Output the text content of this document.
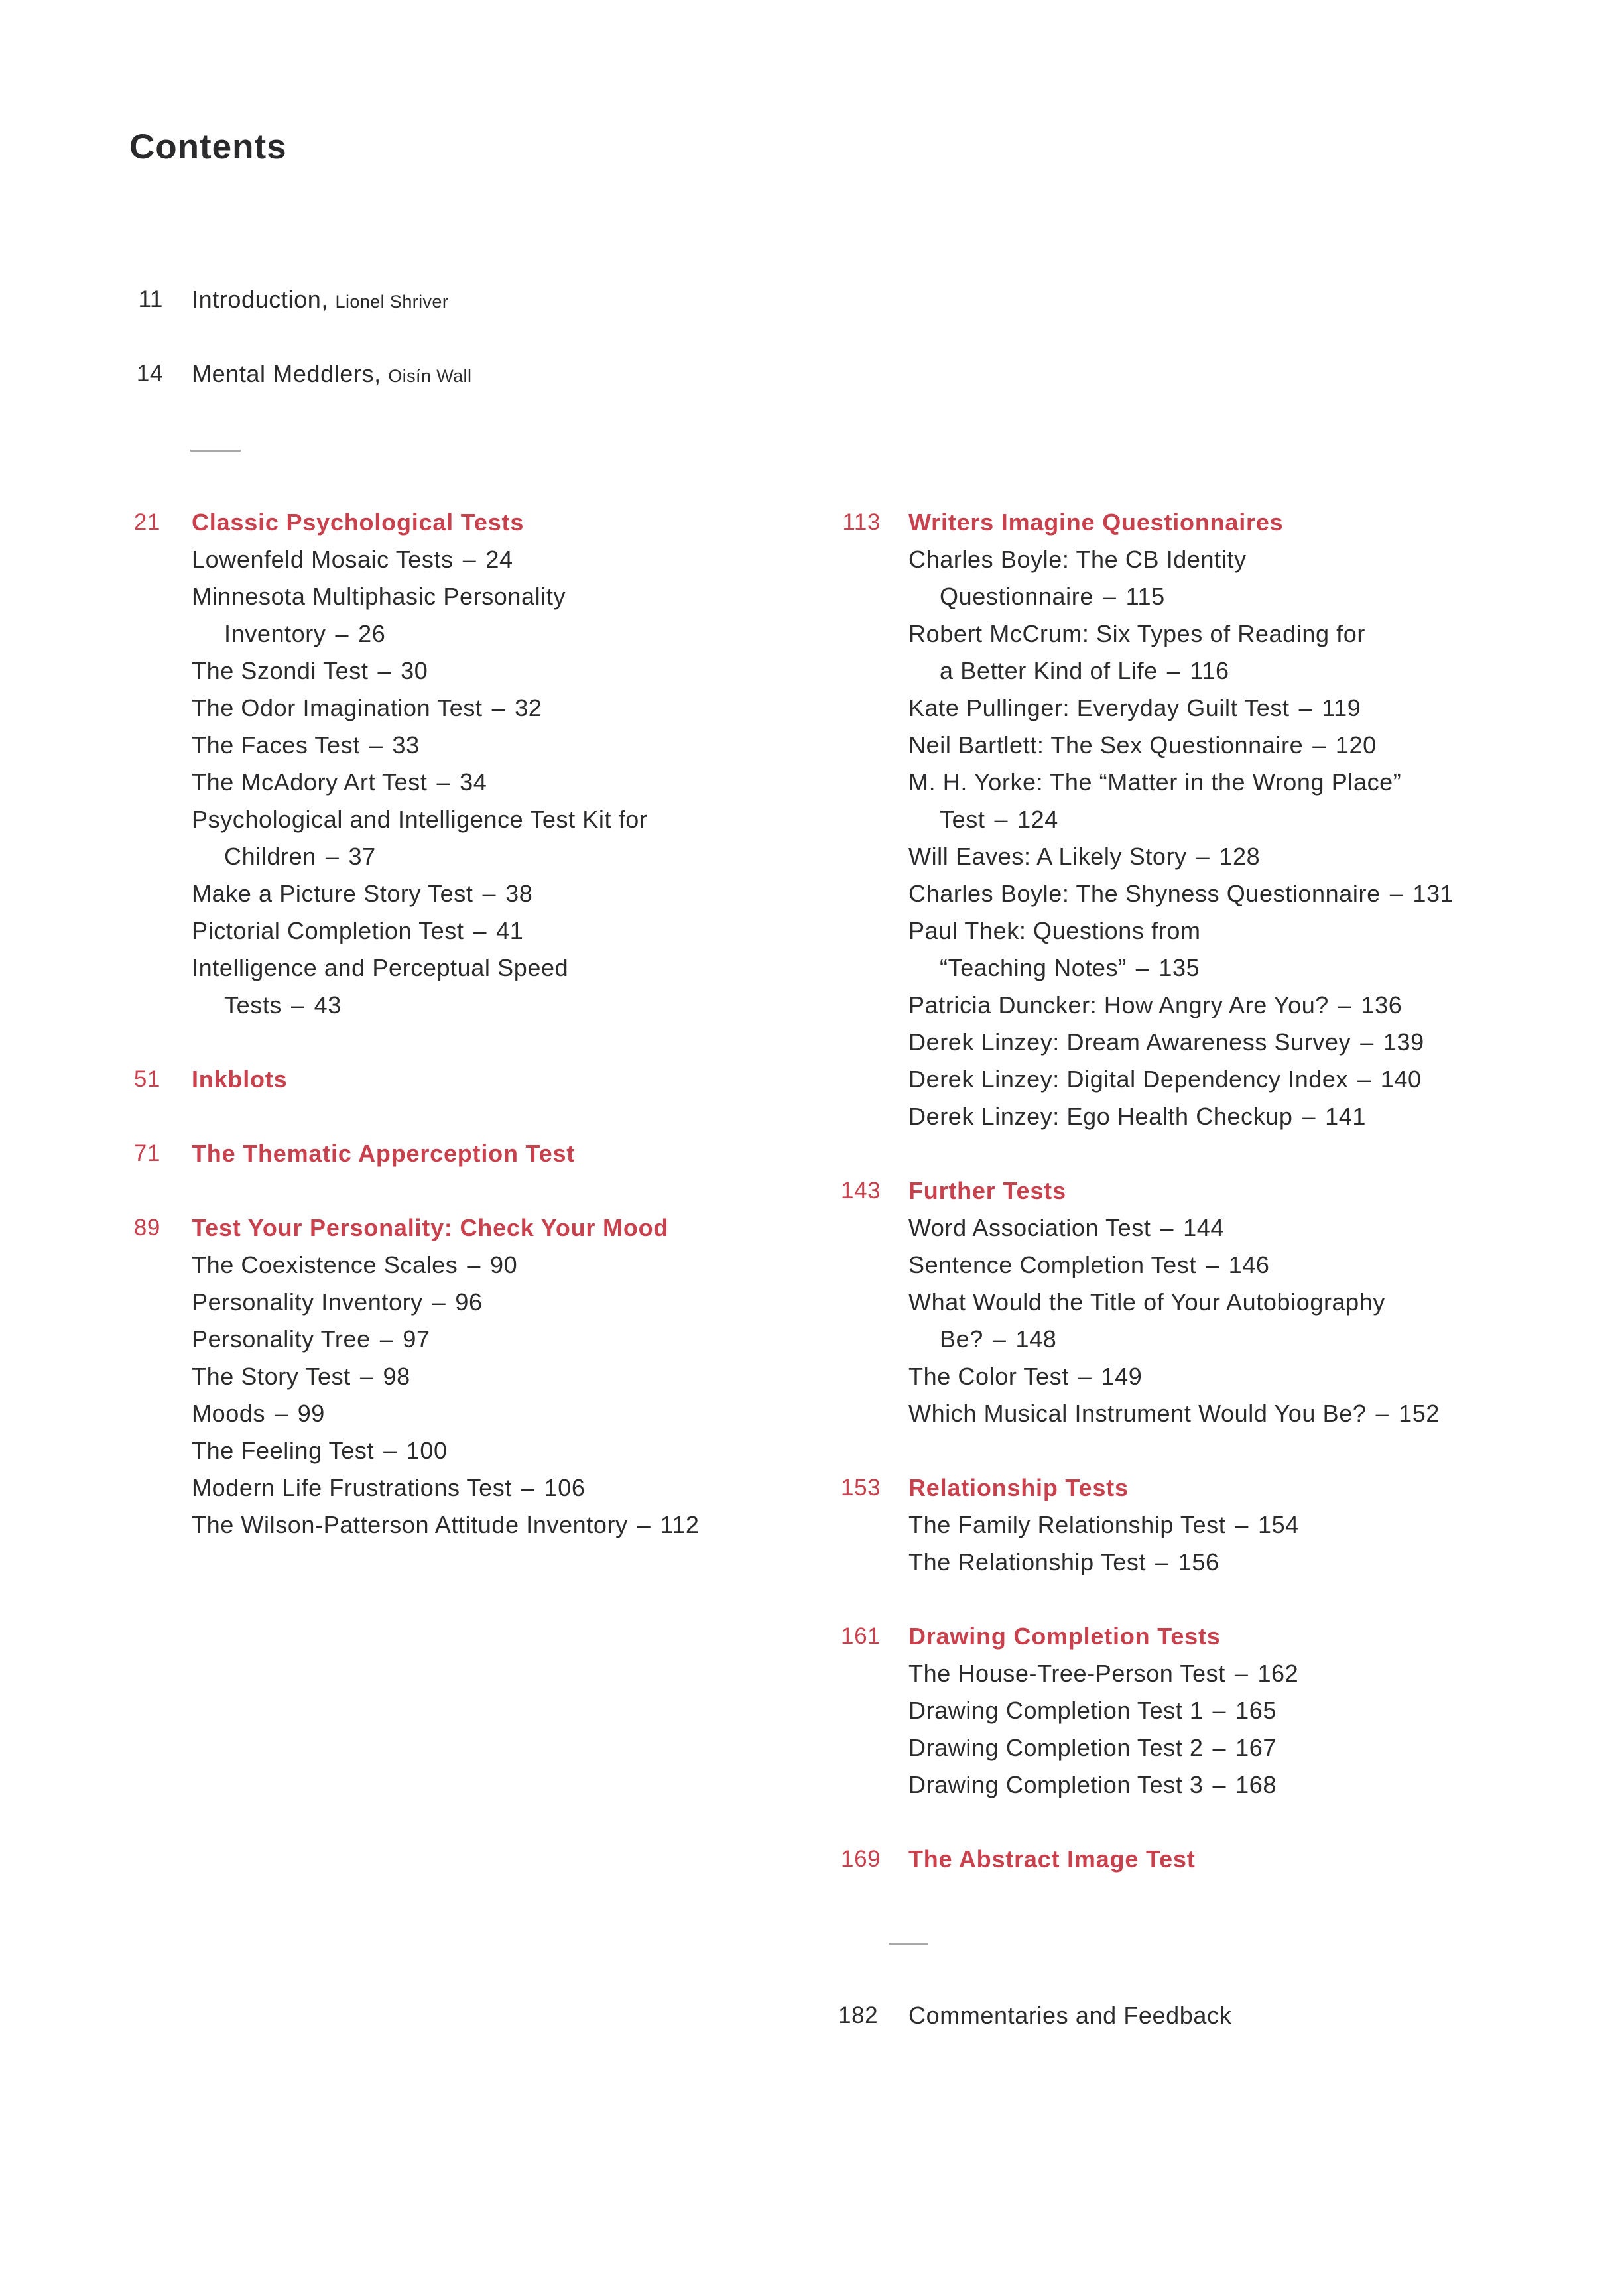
Contents
11 Introduction, Lionel Shriver
14 Mental Meddlers, Oisín Wall
21 Classic Psychological Tests
Lowenfeld Mosaic Tests – 24
Minnesota Multiphasic Personality
Inventory – 26
The Szondi Test – 30
The Odor Imagination Test – 32
The Faces Test – 33
The McAdory Art Test – 34
Psychological and Intelligence Test Kit for
Children – 37
Make a Picture Story Test – 38
Pictorial Completion Test – 41
Intelligence and Perceptual Speed
Tests – 43
51 Inkblots
71 The Thematic Apperception Test
89 Test Your Personality: Check Your Mood
The Coexistence Scales – 90
Personality Inventory – 96
Personality Tree – 97
The Story Test – 98
Moods – 99
The Feeling Test – 100
Modern Life Frustrations Test – 106
The Wilson-Patterson Attitude Inventory – 112
113 Writers Imagine Questionnaires
Charles Boyle: The CB Identity
Questionnaire – 115
Robert McCrum: Six Types of Reading for
a Better Kind of Life – 116
Kate Pullinger: Everyday Guilt Test – 119
Neil Bartlett: The Sex Questionnaire – 120
M. H. Yorke: The “Matter in the Wrong Place”
Test – 124
Will Eaves: A Likely Story – 128
Charles Boyle: The Shyness Questionnaire – 131
Paul Thek: Questions from
“Teaching Notes” – 135
Patricia Duncker: How Angry Are You? – 136
Derek Linzey: Dream Awareness Survey – 139
Derek Linzey: Digital Dependency Index – 140
Derek Linzey: Ego Health Checkup – 141
143 Further Tests
Word Association Test – 144
Sentence Completion Test – 146
What Would the Title of Your Autobiography
Be? – 148
The Color Test – 149
Which Musical Instrument Would You Be? – 152
153 Relationship Tests
The Family Relationship Test – 154
The Relationship Test – 156
161 Drawing Completion Tests
The House-Tree-Person Test – 162
Drawing Completion Test 1 – 165
Drawing Completion Test 2 – 167
Drawing Completion Test 3 – 168
169 The Abstract Image Test
182 Commentaries and Feedback
